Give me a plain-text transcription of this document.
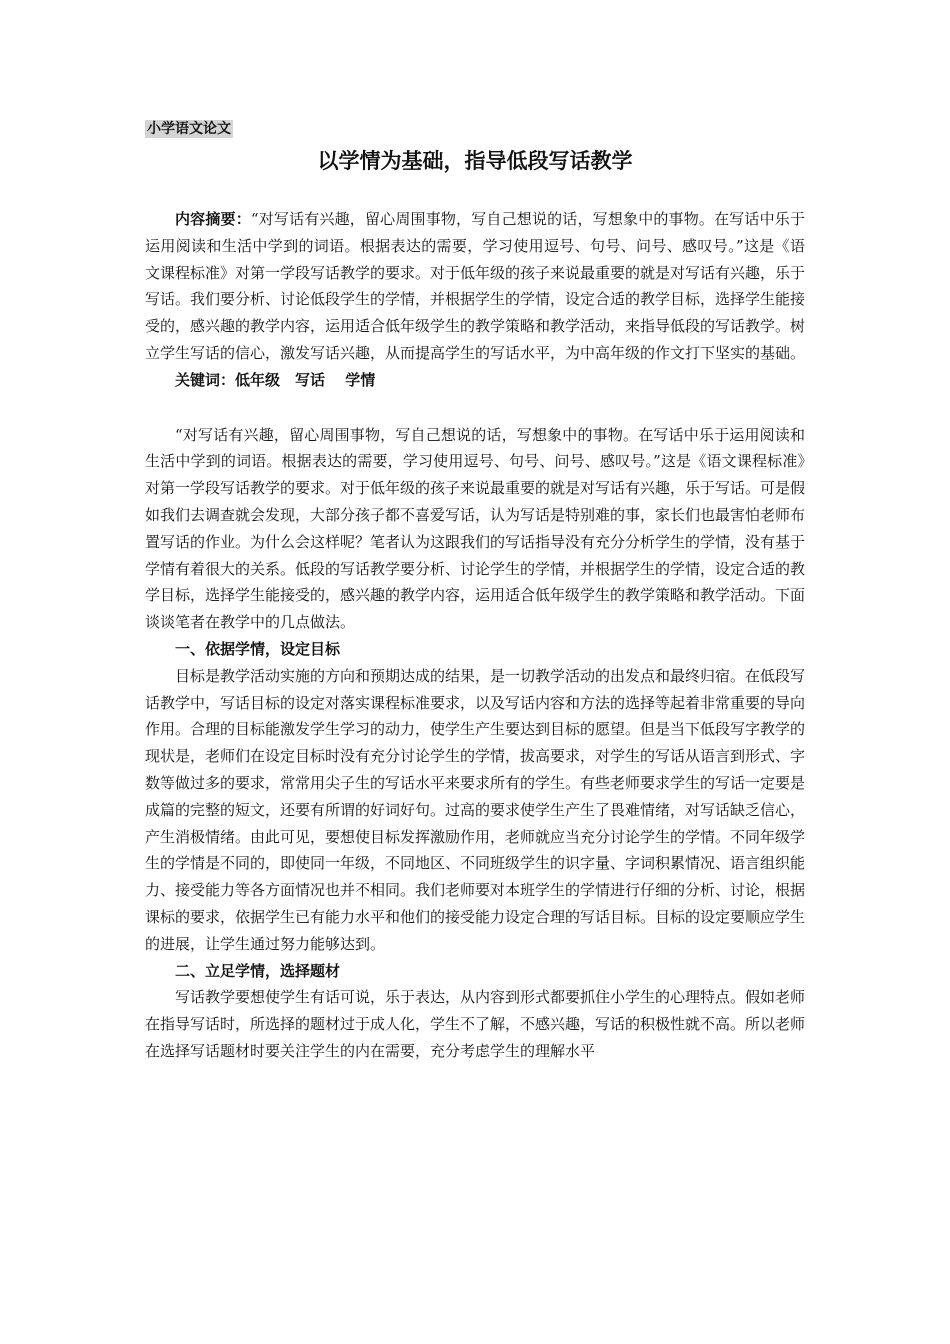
小学语文论文
以学情为基础，指导低段写话教学

内容摘要：“对写话有兴趣，留心周围事物，写自己想说的话，写想象中的事物。在写话中乐于运用阅读和生活中学到的词语。根据表达的需要，学习使用逗号、句号、问号、感叹号。”这是《语文课程标准》对第一学段写话教学的要求。对于低年级的孩子来说最重要的就是对写话有兴趣，乐于写话。我们要分析、讨论低段学生的学情，并根据学生的学情，设定合适的教学目标，选择学生能接受的，感兴趣的教学内容，运用适合低年级学生的教学策略和教学活动，来指导低段的写话教学。树立学生写话的信心，激发写话兴趣，从而提高学生的写话水平，为中高年级的作文打下坚实的基础。

关键词：低年级　写话　 学情

“对写话有兴趣，留心周围事物，写自己想说的话，写想象中的事物。在写话中乐于运用阅读和生活中学到的词语。根据表达的需要，学习使用逗号、句号、问号、感叹号。”这是《语文课程标准》对第一学段写话教学的要求。对于低年级的孩子来说最重要的就是对写话有兴趣，乐于写话。可是假如我们去调查就会发现，大部分孩子都不喜爱写话，认为写话是特别难的事，家长们也最害怕老师布置写话的作业。为什么会这样呢？笔者认为这跟我们的写话指导没有充分分析学生的学情，没有基于学情有着很大的关系。低段的写话教学要分析、讨论学生的学情，并根据学生的学情，设定合适的教学目标，选择学生能接受的，感兴趣的教学内容，运用适合低年级学生的教学策略和教学活动。下面谈谈笔者在教学中的几点做法。

一、依据学情，设定目标

目标是教学活动实施的方向和预期达成的结果，是一切教学活动的出发点和最终归宿。在低段写话教学中，写话目标的设定对落实课程标准要求，以及写话内容和方法的选择等起着非常重要的导向作用。合理的目标能激发学生学习的动力，使学生产生要达到目标的愿望。但是当下低段写字教学的现状是，老师们在设定目标时没有充分讨论学生的学情，拔高要求，对学生的写话从语言到形式、字数等做过多的要求，常常用尖子生的写话水平来要求所有的学生。有些老师要求学生的写话一定要是成篇的完整的短文，还要有所谓的好词好句。过高的要求使学生产生了畏难情绪，对写话缺乏信心，产生消极情绪。由此可见，要想使目标发挥激励作用，老师就应当充分讨论学生的学情。不同年级学生的学情是不同的，即使同一年级，不同地区、不同班级学生的识字量、字词积累情况、语言组织能力、接受能力等各方面情况也并不相同。我们老师要对本班学生的学情进行仔细的分析、讨论，根据课标的要求，依据学生已有能力水平和他们的接受能力设定合理的写话目标。目标的设定要顺应学生的进展，让学生通过努力能够达到。

二、立足学情，选择题材

写话教学要想使学生有话可说，乐于表达，从内容到形式都要抓住小学生的心理特点。假如老师在指导写话时，所选择的题材过于成人化，学生不了解，不感兴趣，写话的积极性就不高。所以老师在选择写话题材时要关注学生的内在需要，充分考虑学生的理解水平
